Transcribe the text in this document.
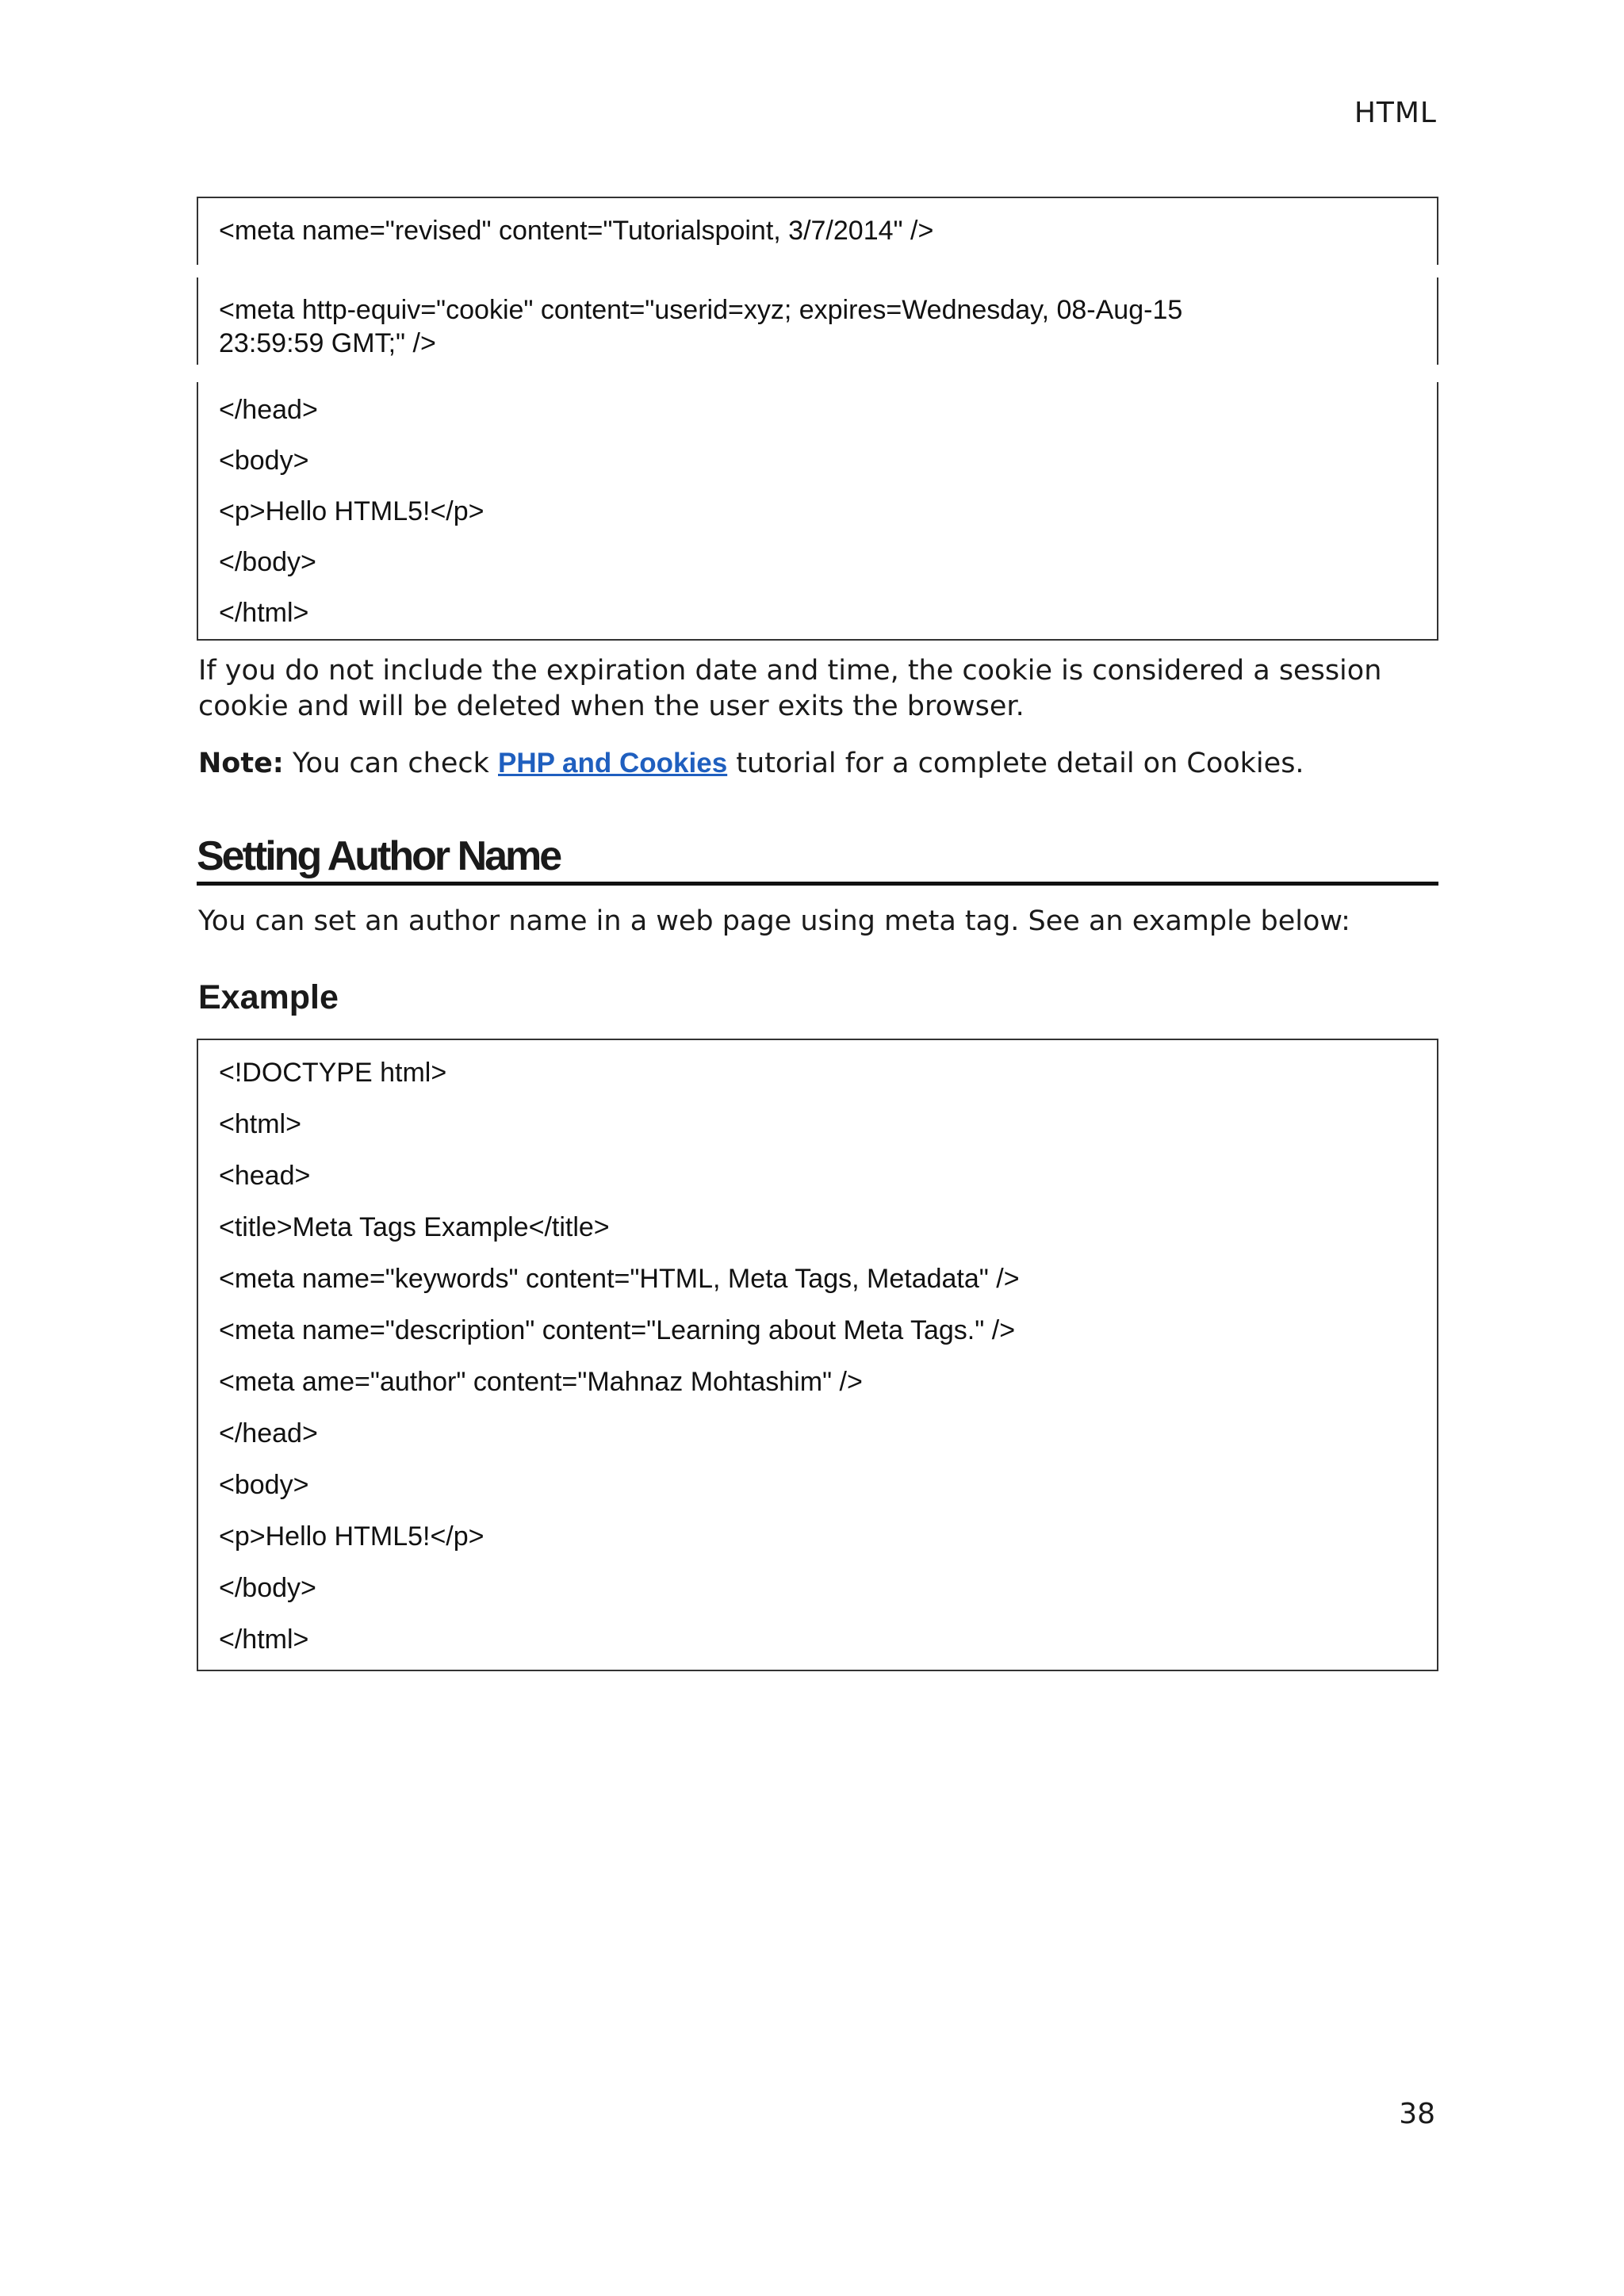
HTML
<meta name="revised" content="Tutorialspoint, 3/7/2014" />
<meta http-equiv="cookie" content="userid=xyz; expires=Wednesday, 08-Aug-15
23:59:59 GMT;" />
</head>
<body>
<p>Hello HTML5!</p>
</body>
</html>
If you do not include the expiration date and time, the cookie is considered a session
cookie and will be deleted when the user exits the browser.
Note: You can check PHP and Cookies tutorial for a complete detail on Cookies.
Setting Author Name
You can set an author name in a web page using meta tag. See an example below:
Example
<!DOCTYPE html>
<html>
<head>
<title>Meta Tags Example</title>
<meta name="keywords" content="HTML, Meta Tags, Metadata" />
<meta name="description" content="Learning about Meta Tags." />
<meta ame="author" content="Mahnaz Mohtashim" />
</head>
<body>
<p>Hello HTML5!</p>
</body>
</html>
38
